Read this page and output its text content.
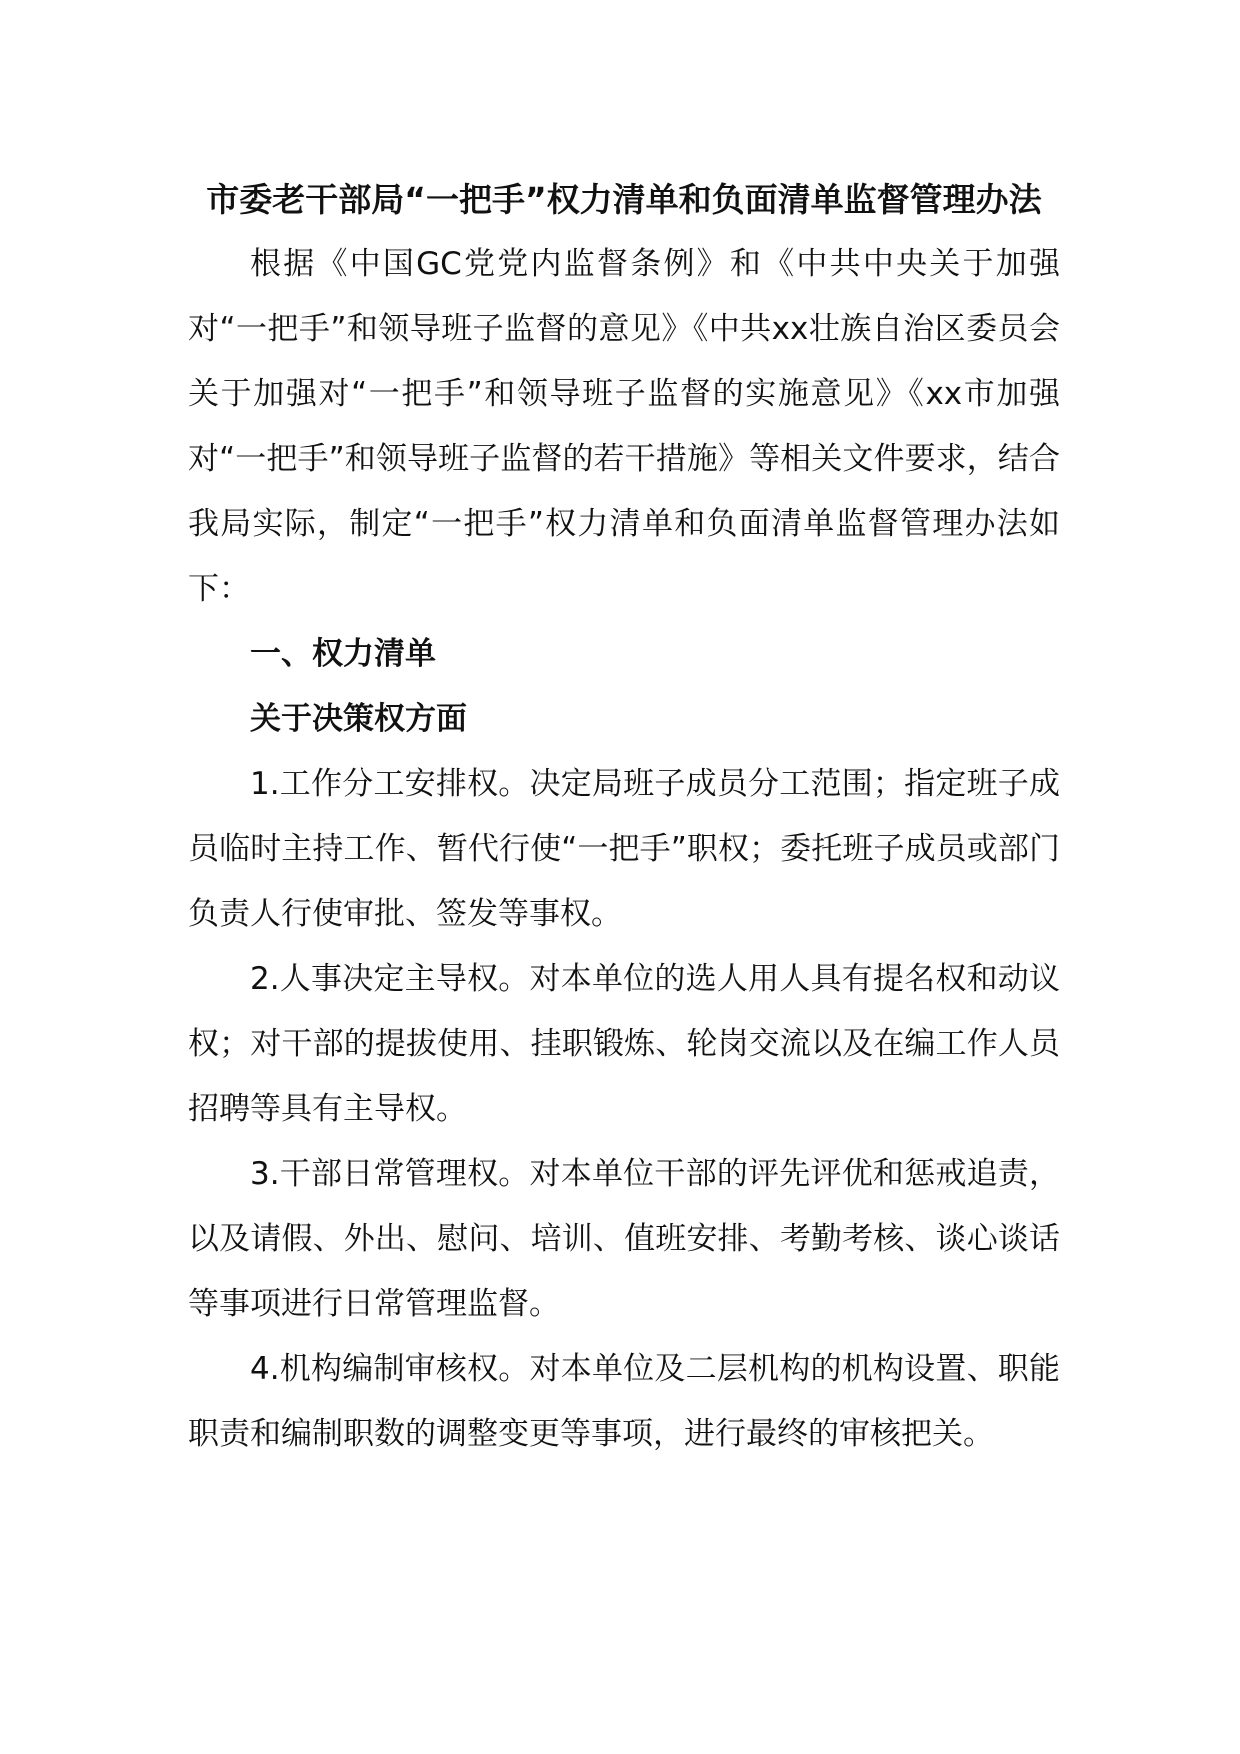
市委老干部局“一把手”权力清单和负面清单监督管理办法

根据《中国GC党党内监督条例》和《中共中央关于加强对“一把手”和领导班子监督的意见》《中共xx壮族自治区委员会关于加强对“一把手”和领导班子监督的实施意见》《xx市加强对“一把手”和领导班子监督的若干措施》等相关文件要求，结合我局实际，制定“一把手”权力清单和负面清单监督管理办法如下：

一、权力清单

关于决策权方面

1.工作分工安排权。决定局班子成员分工范围；指定班子成员临时主持工作、暂代行使“一把手”职权；委托班子成员或部门负责人行使审批、签发等事权。

2.人事决定主导权。对本单位的选人用人具有提名权和动议权；对干部的提拔使用、挂职锻炼、轮岗交流以及在编工作人员招聘等具有主导权。

3.干部日常管理权。对本单位干部的评先评优和惩戒追责，以及请假、外出、慰问、培训、值班安排、考勤考核、谈心谈话等事项进行日常管理监督。

4.机构编制审核权。对本单位及二层机构的机构设置、职能职责和编制职数的调整变更等事项，进行最终的审核把关。
